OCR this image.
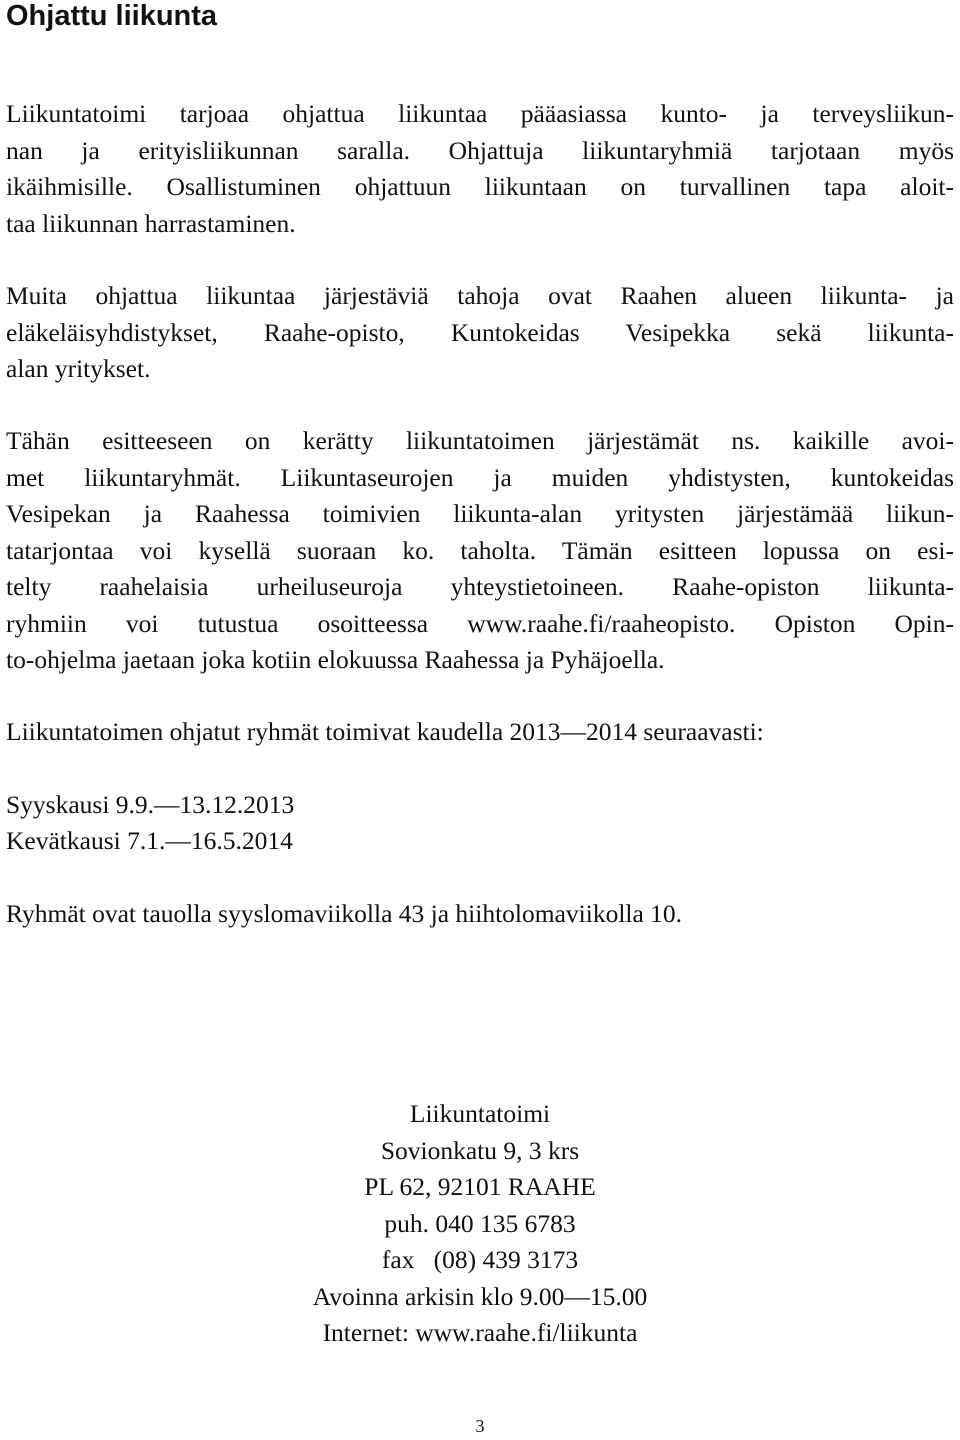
Ohjattu liikunta
Liikuntatoimi tarjoaa ohjattua liikuntaa pääasiassa kunto- ja terveysliikun-
nan ja erityisliikunnan saralla. Ohjattuja liikuntaryhmiä tarjotaan myös
ikäihmisille. Osallistuminen ohjattuun liikuntaan on turvallinen tapa aloit-
taa liikunnan harrastaminen.
Muita ohjattua liikuntaa järjestäviä tahoja ovat Raahen alueen liikunta- ja
eläkeläisyhdistykset, Raahe-opisto, Kuntokeidas Vesipekka sekä liikunta-
alan yritykset.
Tähän esitteeseen on kerätty liikuntatoimen järjestämät ns. kaikille avoi-
met liikuntaryhmät. Liikuntaseurojen ja muiden yhdistysten, kuntokeidas
Vesipekan ja Raahessa toimivien liikunta-alan yritysten järjestämää liikun-
tatarjontaa voi kysellä suoraan ko. taholta. Tämän esitteen lopussa on esi-
telty raahelaisia urheiluseuroja yhteystietoineen. Raahe-opiston liikunta-
ryhmiin voi tutustua osoitteessa www.raahe.fi/raaheopisto. Opiston Opin-
to-ohjelma jaetaan joka kotiin elokuussa Raahessa ja Pyhäjoella.
Liikuntatoimen ohjatut ryhmät toimivat kaudella 2013—2014 seuraavasti:
Syyskausi 9.9.—13.12.2013
Kevätkausi 7.1.—16.5.2014
Ryhmät ovat tauolla syyslomaviikolla 43 ja hiihtolomaviikolla 10.
Liikuntatoimi
Sovionkatu 9, 3 krs
PL 62, 92101 RAAHE
puh. 040 135 6783
fax   (08) 439 3173
Avoinna arkisin klo 9.00—15.00
Internet: www.raahe.fi/liikunta
3
